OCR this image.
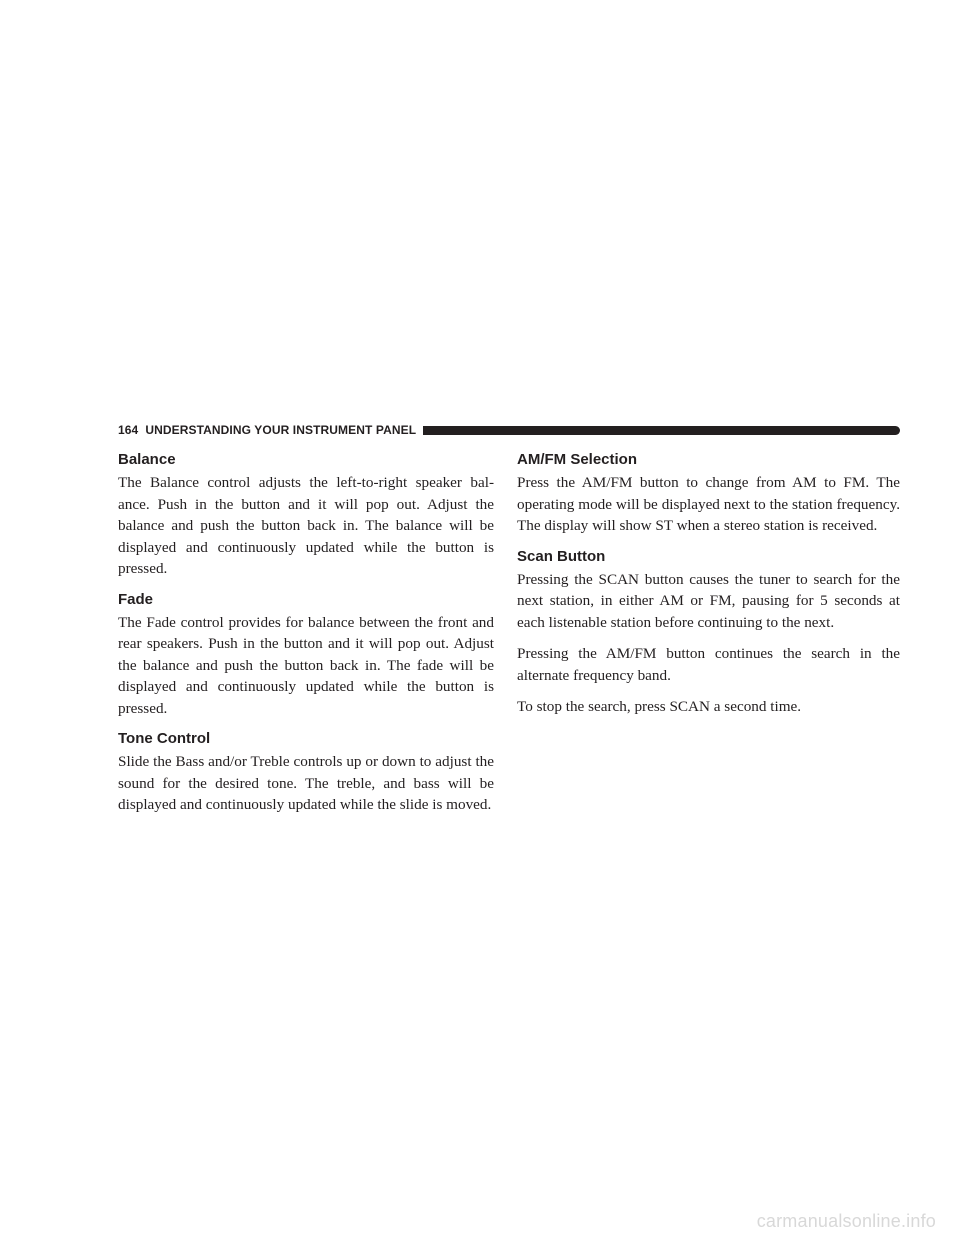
164 UNDERSTANDING YOUR INSTRUMENT PANEL
Balance

The Balance control adjusts the left-to-right speaker bal- ance. Push in the button and it will pop out. Adjust the balance and push the button back in. The balance will be displayed and continuously updated while the button is pressed.

Fade

The Fade control provides for balance between the front and rear speakers. Push in the button and it will pop out. Adjust the balance and push the button back in. The fade will be displayed and continuously updated while the button is pressed.

Tone Control

Slide the Bass and/or Treble controls up or down to adjust the sound for the desired tone. The treble, and bass will be displayed and continuously updated while the slide is moved.

AM/FM Selection

Press the AM/FM button to change from AM to FM. The operating mode will be displayed next to the station frequency. The display will show ST when a stereo station is received.

Scan Button

Pressing the SCAN button causes the tuner to search for the next station, in either AM or FM, pausing for 5 seconds at each listenable station before continuing to the next.

Pressing the AM/FM button continues the search in the alternate frequency band.

To stop the search, press SCAN a second time.

carmanualsonline.info
